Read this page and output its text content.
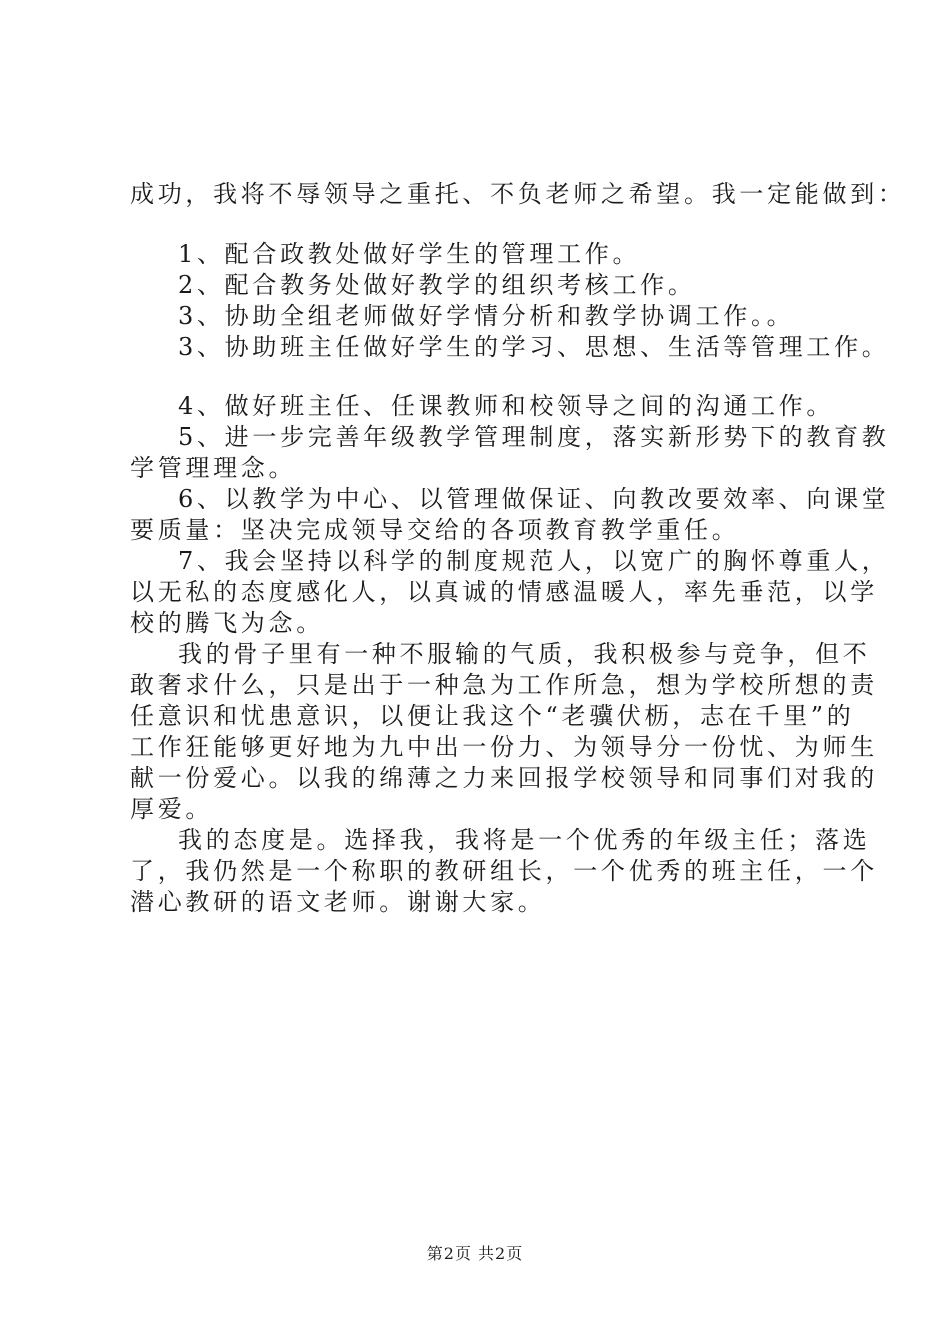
成功，我将不辱领导之重托、不负老师之希望。我一定能做到：
1、配合政教处做好学生的管理工作。
2、配合教务处做好教学的组织考核工作。
3、协助全组老师做好学情分析和教学协调工作。。
3、协助班主任做好学生的学习、思想、生活等管理工作。
4、做好班主任、任课教师和校领导之间的沟通工作。
5、进一步完善年级教学管理制度，落实新形势下的教育教
学管理理念。
6、以教学为中心、以管理做保证、向教改要效率、向课堂
要质量：坚决完成领导交给的各项教育教学重任。
7、我会坚持以科学的制度规范人，以宽广的胸怀尊重人，
以无私的态度感化人，以真诚的情感温暖人，率先垂范，以学
校的腾飞为念。
我的骨子里有一种不服输的气质，我积极参与竞争，但不
敢奢求什么，只是出于一种急为工作所急，想为学校所想的责
任意识和忧患意识，以便让我这个“老骥伏枥，志在千里”的
工作狂能够更好地为九中出一份力、为领导分一份忧、为师生
献一份爱心。以我的绵薄之力来回报学校领导和同事们对我的
厚爱。
我的态度是。选择我，我将是一个优秀的年级主任；落选
了，我仍然是一个称职的教研组长，一个优秀的班主任，一个
潜心教研的语文老师。谢谢大家。
第2页 共2页
